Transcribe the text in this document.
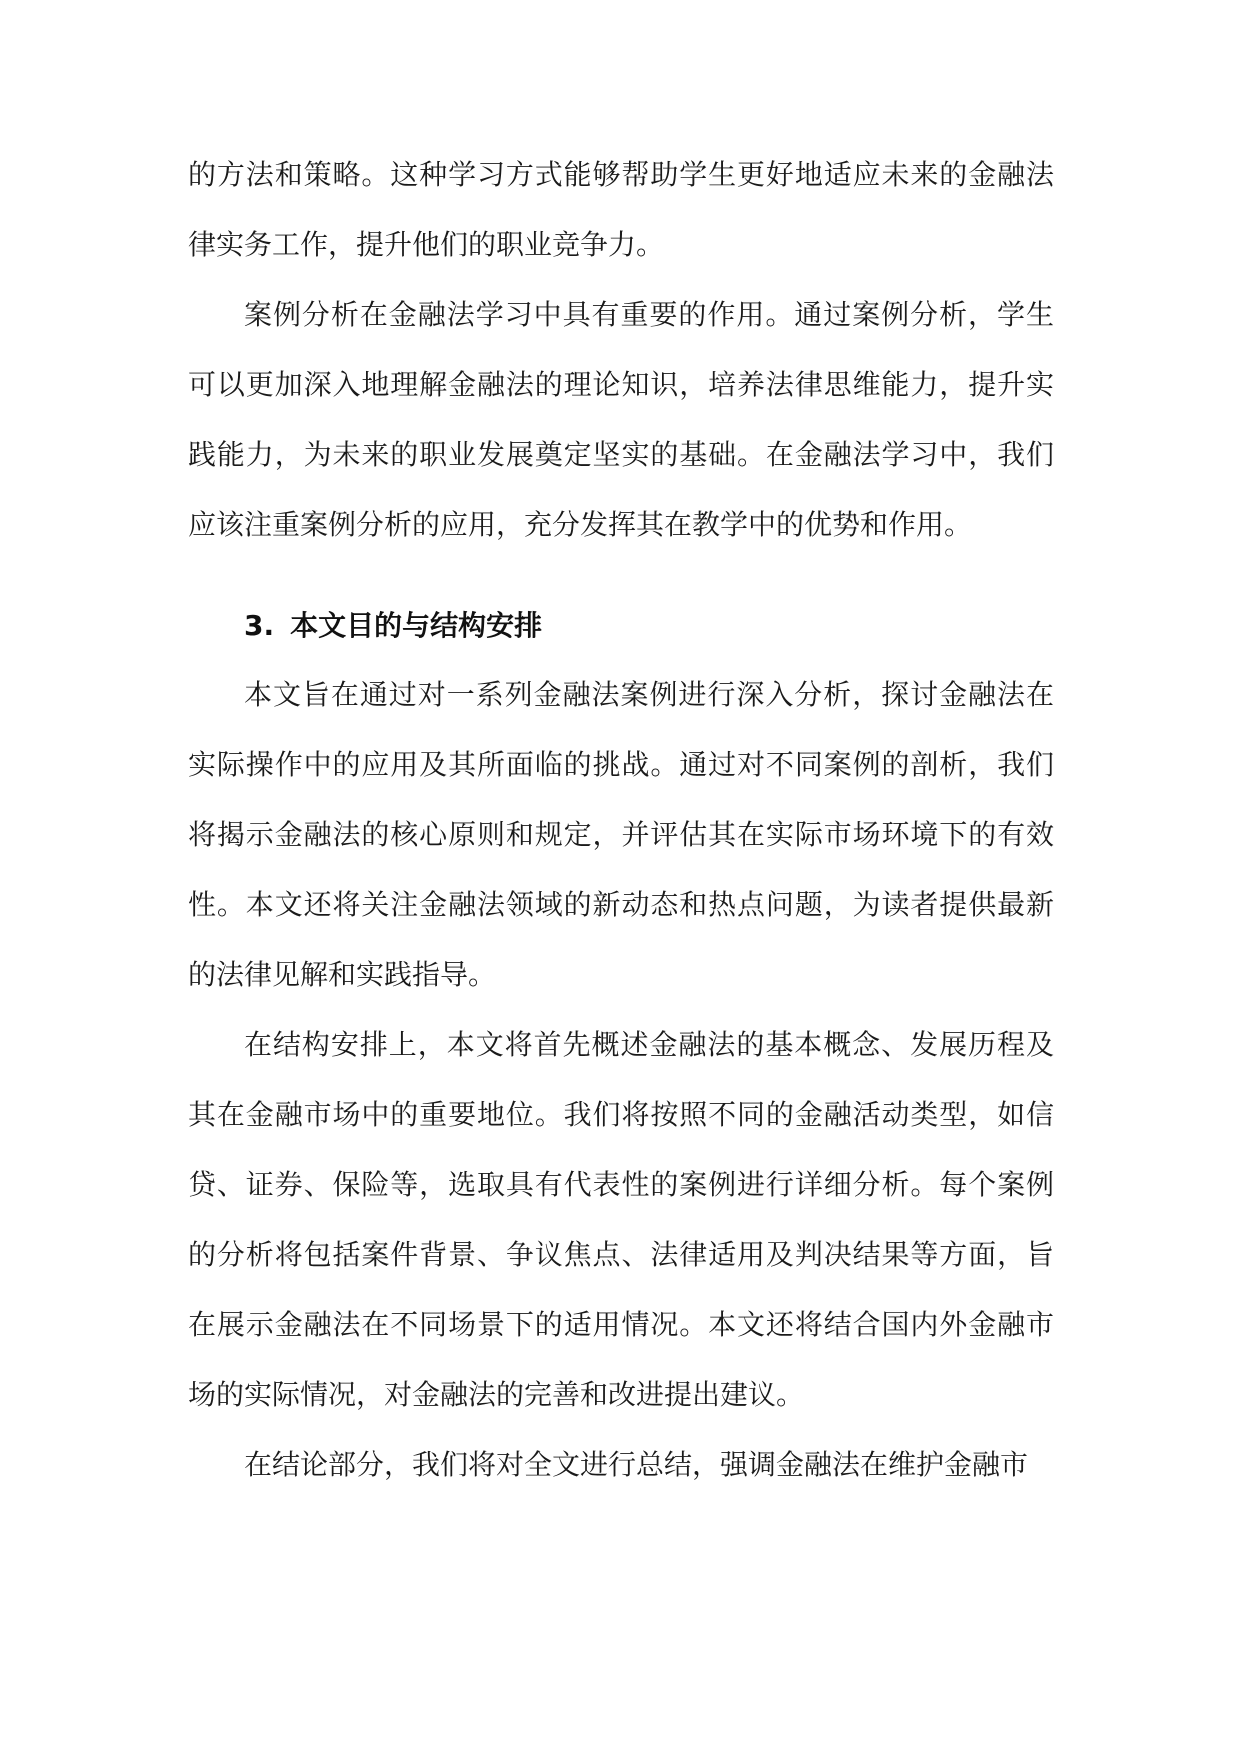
的方法和策略。这种学习方式能够帮助学生更好地适应未来的金融法律实务工作，提升他们的职业竞争力。

案例分析在金融法学习中具有重要的作用。通过案例分析，学生可以更加深入地理解金融法的理论知识，培养法律思维能力，提升实践能力，为未来的职业发展奠定坚实的基础。在金融法学习中，我们应该注重案例分析的应用，充分发挥其在教学中的优势和作用。

3. 本文目的与结构安排

本文旨在通过对一系列金融法案例进行深入分析，探讨金融法在实际操作中的应用及其所面临的挑战。通过对不同案例的剖析，我们将揭示金融法的核心原则和规定，并评估其在实际市场环境下的有效性。本文还将关注金融法领域的新动态和热点问题，为读者提供最新的法律见解和实践指导。

在结构安排上，本文将首先概述金融法的基本概念、发展历程及其在金融市场中的重要地位。我们将按照不同的金融活动类型，如信贷、证券、保险等，选取具有代表性的案例进行详细分析。每个案例的分析将包括案件背景、争议焦点、法律适用及判决结果等方面，旨在展示金融法在不同场景下的适用情况。本文还将结合国内外金融市场的实际情况，对金融法的完善和改进提出建议。

在结论部分，我们将对全文进行总结，强调金融法在维护金融市
